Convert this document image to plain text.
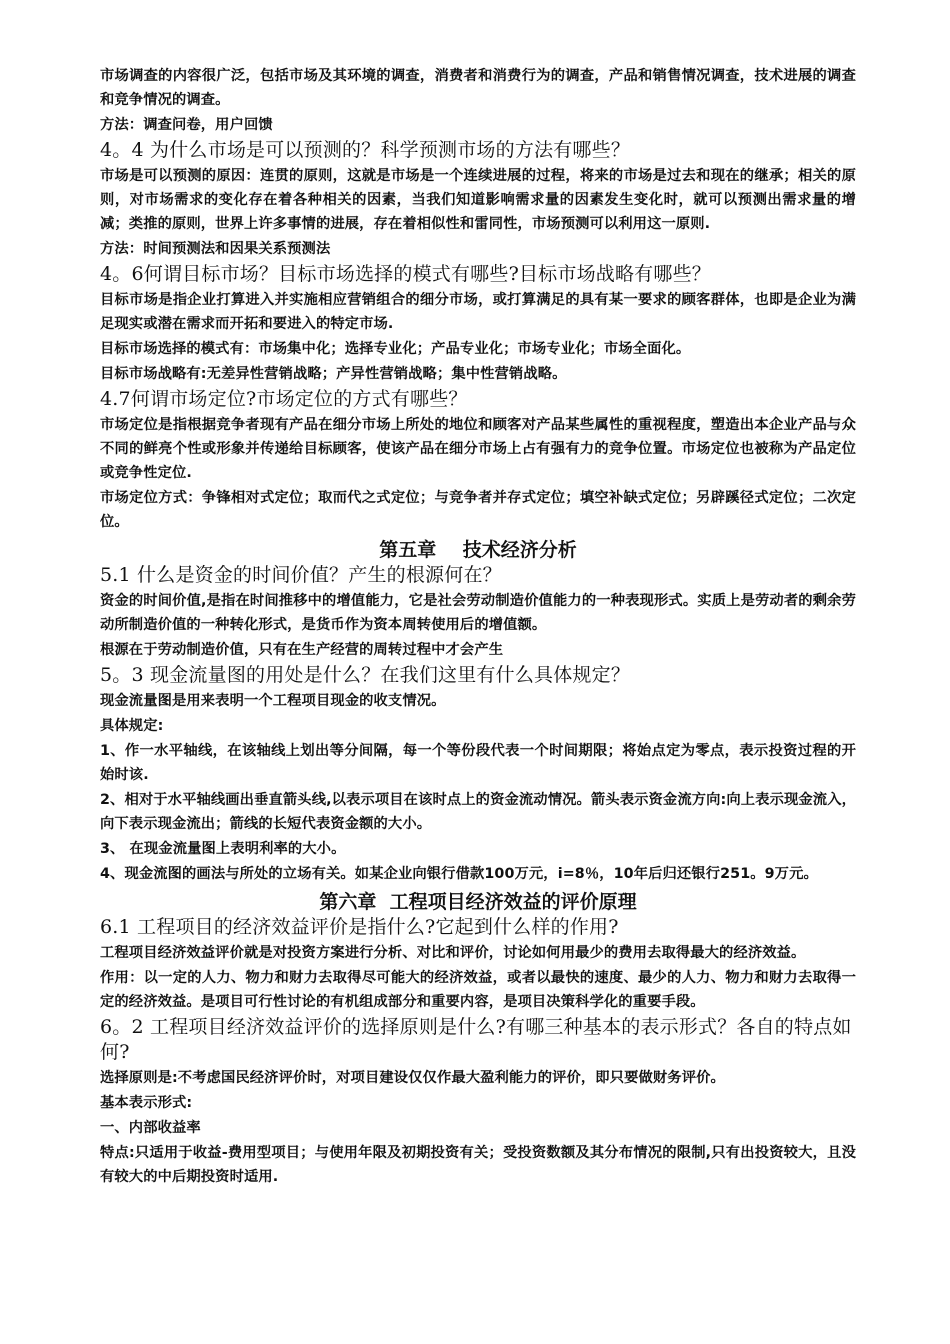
市场调查的内容很广泛，包括市场及其环境的调查，消费者和消费行为的调查，产品和销售情况调查，技术进展的调查和竞争情况的调查。
方法：调查问卷，用户回馈
4。4 为什么市场是可以预测的？科学预测市场的方法有哪些？
市场是可以预测的原因：连贯的原则，这就是市场是一个连续进展的过程，将来的市场是过去和现在的继承；相关的原则，对市场需求的变化存在着各种相关的因素，当我们知道影响需求量的因素发生变化时，就可以预测出需求量的增减；类推的原则，世界上许多事情的进展，存在着相似性和雷同性，市场预测可以利用这一原则.
方法：时间预测法和因果关系预测法
4。6何谓目标市场？目标市场选择的模式有哪些?目标市场战略有哪些？
目标市场是指企业打算进入并实施相应营销组合的细分市场，或打算满足的具有某一要求的顾客群体，也即是企业为满足现实或潜在需求而开拓和要进入的特定市场.
目标市场选择的模式有：市场集中化；选择专业化；产品专业化；市场专业化；市场全面化。
目标市场战略有:无差异性营销战略；产异性营销战略；集中性营销战略。
4.7何谓市场定位?市场定位的方式有哪些？
市场定位是指根据竞争者现有产品在细分市场上所处的地位和顾客对产品某些属性的重视程度，塑造出本企业产品与众不同的鲜亮个性或形象并传递给目标顾客，使该产品在细分市场上占有强有力的竞争位置。市场定位也被称为产品定位或竞争性定位.
市场定位方式：争锋相对式定位；取而代之式定位；与竞争者并存式定位；填空补缺式定位；另辟蹊径式定位；二次定位。
第五章    技术经济分析
5.1 什么是资金的时间价值？产生的根源何在？
资金的时间价值,是指在时间推移中的增值能力，它是社会劳动制造价值能力的一种表现形式。实质上是劳动者的剩余劳动所制造价值的一种转化形式，是货币作为资本周转使用后的增值额。
根源在于劳动制造价值，只有在生产经营的周转过程中才会产生
5。3 现金流量图的用处是什么？在我们这里有什么具体规定？
现金流量图是用来表明一个工程项目现金的收支情况。
具体规定:
1、作一水平轴线，在该轴线上划出等分间隔，每一个等份段代表一个时间期限；将始点定为零点，表示投资过程的开始时该.
2、相对于水平轴线画出垂直箭头线,以表示项目在该时点上的资金流动情况。箭头表示资金流方向:向上表示现金流入，向下表示现金流出；箭线的长短代表资金额的大小。
3、 在现金流量图上表明利率的大小。
4、现金流图的画法与所处的立场有关。如某企业向银行借款100万元，i=8％，10年后归还银行251。9万元。
第六章  工程项目经济效益的评价原理
6.1 工程项目的经济效益评价是指什么?它起到什么样的作用?
工程项目经济效益评价就是对投资方案进行分析、对比和评价，讨论如何用最少的费用去取得最大的经济效益。
作用：以一定的人力、物力和财力去取得尽可能大的经济效益，或者以最快的速度、最少的人力、物力和财力去取得一定的经济效益。是项目可行性讨论的有机组成部分和重要内容，是项目决策科学化的重要手段。
6。2 工程项目经济效益评价的选择原则是什么?有哪三种基本的表示形式？各自的特点如何?
选择原则是:不考虑国民经济评价时，对项目建设仅仅作最大盈利能力的评价，即只要做财务评价。
基本表示形式:
一、内部收益率
特点:只适用于收益-费用型项目；与使用年限及初期投资有关；受投资数额及其分布情况的限制,只有出投资较大，且没有较大的中后期投资时适用.
